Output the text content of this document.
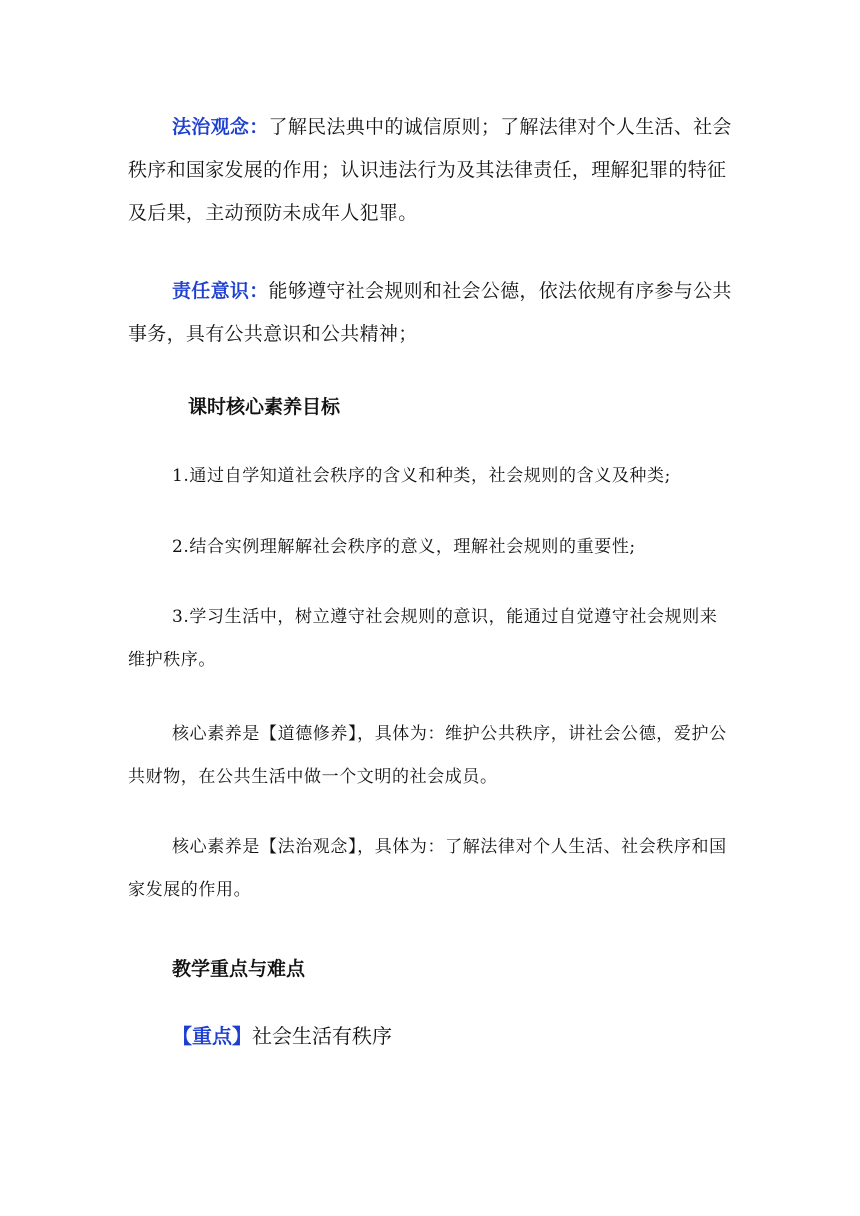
法治观念：了解民法典中的诚信原则；了解法律对个人生活、社会秩序和国家发展的作用；认识违法行为及其法律责任，理解犯罪的特征及后果，主动预防未成年人犯罪。

责任意识：能够遵守社会规则和社会公德，依法依规有序参与公共事务，具有公共意识和公共精神；

课时核心素养目标

1.通过自学知道社会秩序的含义和种类，社会规则的含义及种类;

2.结合实例理解解社会秩序的意义，理解社会规则的重要性;

3.学习生活中，树立遵守社会规则的意识，能通过自觉遵守社会规则来维护秩序。

核心素养是【道德修养】，具体为：维护公共秩序，讲社会公德，爱护公共财物，在公共生活中做一个文明的社会成员。

核心素养是【法治观念】，具体为：了解法律对个人生活、社会秩序和国家发展的作用。

教学重点与难点

【重点】社会生活有秩序
